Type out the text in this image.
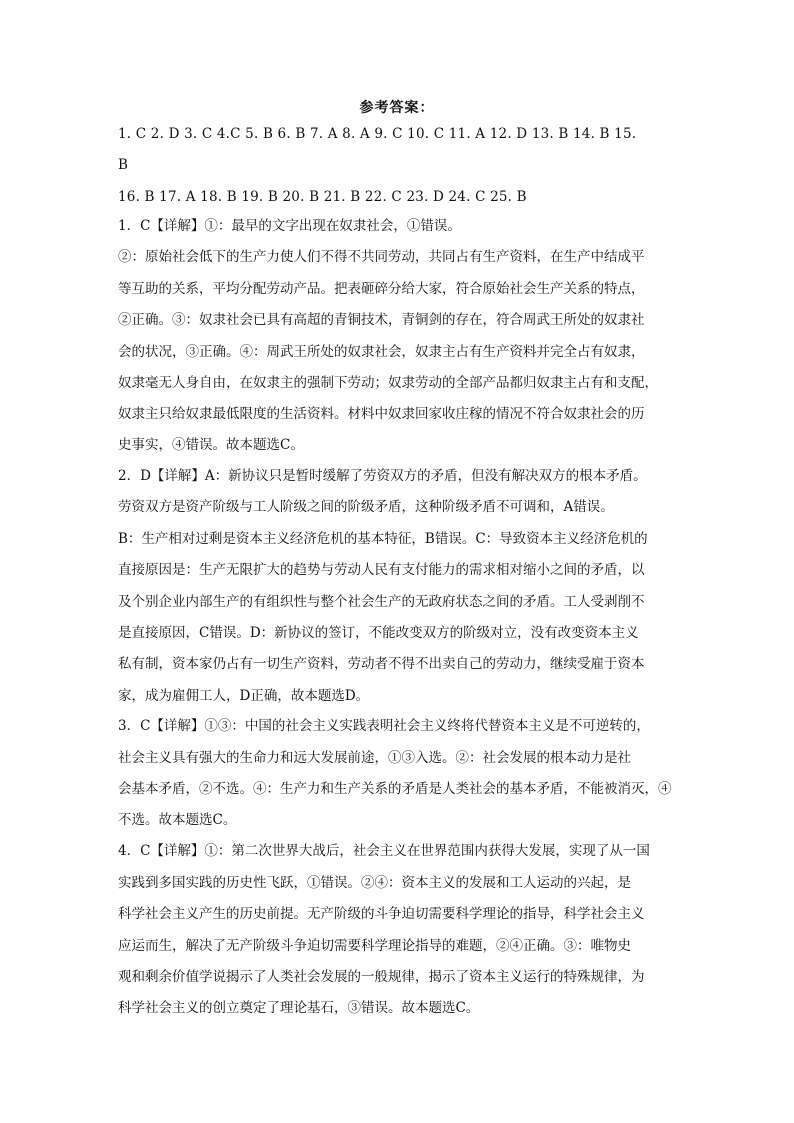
参考答案：
1. C 2. D 3. C 4.C 5. B 6. B 7. A 8. A 9. C 10. C 11. A 12. D 13. B 14. B 15.
B
16. B 17. A 18. B 19. B 20. B 21. B 22. C 23. D 24. C 25. B
1．C【详解】①：最早的文字出现在奴隶社会，①错误。
②：原始社会低下的生产力使人们不得不共同劳动，共同占有生产资料，在生产中结成平
等互助的关系，平均分配劳动产品。把表砸碎分给大家，符合原始社会生产关系的特点，
②正确。③：奴隶社会已具有高超的青铜技术，青铜剑的存在，符合周武王所处的奴隶社
会的状况，③正确。④：周武王所处的奴隶社会，奴隶主占有生产资料并完全占有奴隶，
奴隶毫无人身自由，在奴隶主的强制下劳动；奴隶劳动的全部产品都归奴隶主占有和支配，
奴隶主只给奴隶最低限度的生活资料。材料中奴隶回家收庄稼的情况不符合奴隶社会的历
史事实，④错误。故本题选C。
2．D【详解】A：新协议只是暂时缓解了劳资双方的矛盾，但没有解决双方的根本矛盾。
劳资双方是资产阶级与工人阶级之间的阶级矛盾，这种阶级矛盾不可调和，A错误。
B：生产相对过剩是资本主义经济危机的基本特征，B错误。C：导致资本主义经济危机的
直接原因是：生产无限扩大的趋势与劳动人民有支付能力的需求相对缩小之间的矛盾，以
及个别企业内部生产的有组织性与整个社会生产的无政府状态之间的矛盾。工人受剥削不
是直接原因，C错误。D：新协议的签订，不能改变双方的阶级对立，没有改变资本主义
私有制，资本家仍占有一切生产资料，劳动者不得不出卖自己的劳动力，继续受雇于资本
家，成为雇佣工人，D正确，故本题选D。
3．C【详解】①③：中国的社会主义实践表明社会主义终将代替资本主义是不可逆转的，
社会主义具有强大的生命力和远大发展前途，①③入选。②：社会发展的根本动力是社
会基本矛盾，②不选。④：生产力和生产关系的矛盾是人类社会的基本矛盾，不能被消灭，④
不选。故本题选C。
4．C【详解】①：第二次世界大战后，社会主义在世界范围内获得大发展，实现了从一国
实践到多国实践的历史性飞跃，①错误。②④：资本主义的发展和工人运动的兴起，是
科学社会主义产生的历史前提。无产阶级的斗争迫切需要科学理论的指导，科学社会主义
应运而生，解决了无产阶级斗争迫切需要科学理论指导的难题，②④正确。③：唯物史
观和剩余价值学说揭示了人类社会发展的一般规律，揭示了资本主义运行的特殊规律，为
科学社会主义的创立奠定了理论基石，③错误。故本题选C。
